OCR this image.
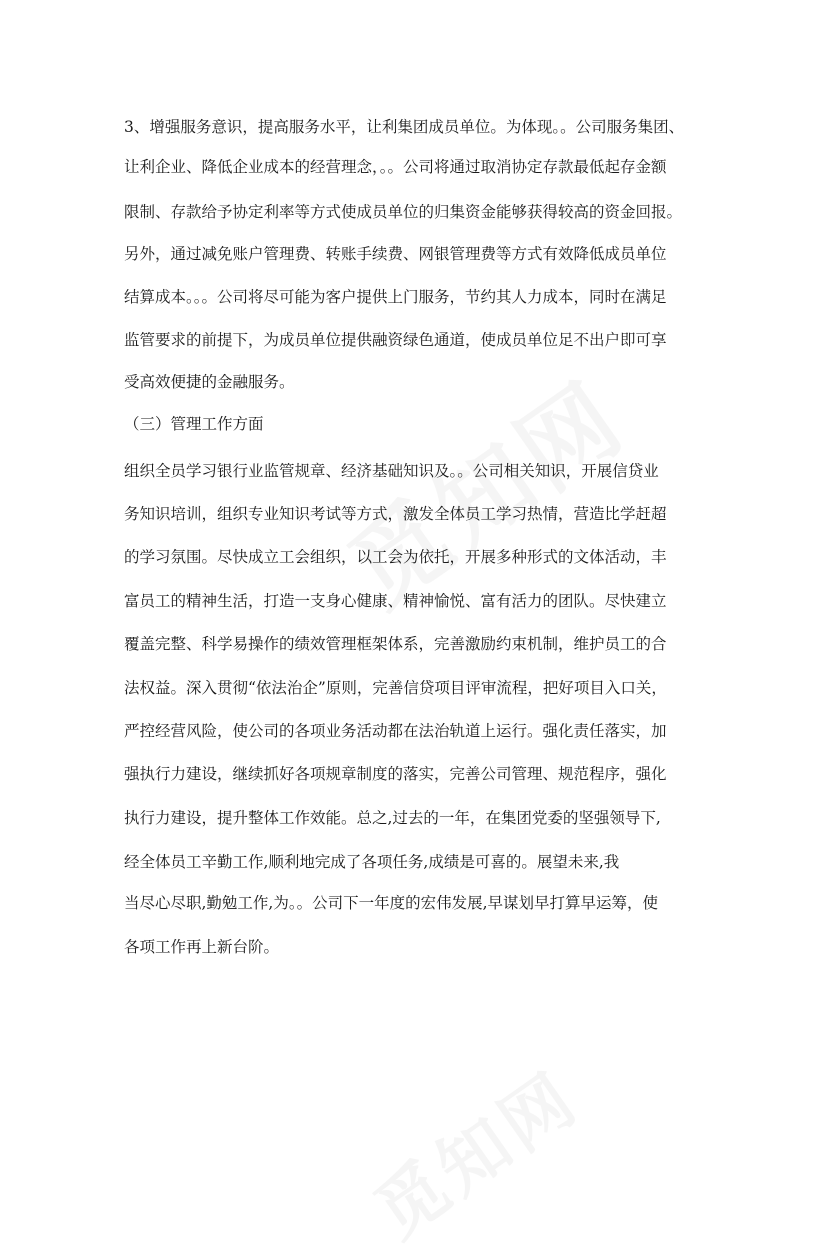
3、增强服务意识，提高服务水平，让利集团成员单位。为体现。。公司服务集团、
让利企业、降低企业成本的经营理念，。。公司将通过取消协定存款最低起存金额
限制、存款给予协定利率等方式使成员单位的归集资金能够获得较高的资金回报。
另外，通过减免账户管理费、转账手续费、网银管理费等方式有效降低成员单位
结算成本。。。公司将尽可能为客户提供上门服务，节约其人力成本，同时在满足
监管要求的前提下，为成员单位提供融资绿色通道，使成员单位足不出户即可享
受高效便捷的金融服务。
（三）管理工作方面
组织全员学习银行业监管规章、经济基础知识及。。公司相关知识，开展信贷业
务知识培训，组织专业知识考试等方式，激发全体员工学习热情，营造比学赶超
的学习氛围。尽快成立工会组织，以工会为依托，开展多种形式的文体活动，丰
富员工的精神生活，打造一支身心健康、精神愉悦、富有活力的团队。尽快建立
覆盖完整、科学易操作的绩效管理框架体系，完善激励约束机制，维护员工的合
法权益。深入贯彻“依法治企”原则，完善信贷项目评审流程，把好项目入口关，
严控经营风险，使公司的各项业务活动都在法治轨道上运行。强化责任落实，加
强执行力建设，继续抓好各项规章制度的落实，完善公司管理、规范程序，强化
执行力建设，提升整体工作效能。总之,过去的一年，在集团党委的坚强领导下,
经全体员工辛勤工作,顺利地完成了各项任务,成绩是可喜的。展望未来,我
当尽心尽职,勤勉工作,为。。公司下一年度的宏伟发展,早谋划早打算早运筹，使
各项工作再上新台阶。
